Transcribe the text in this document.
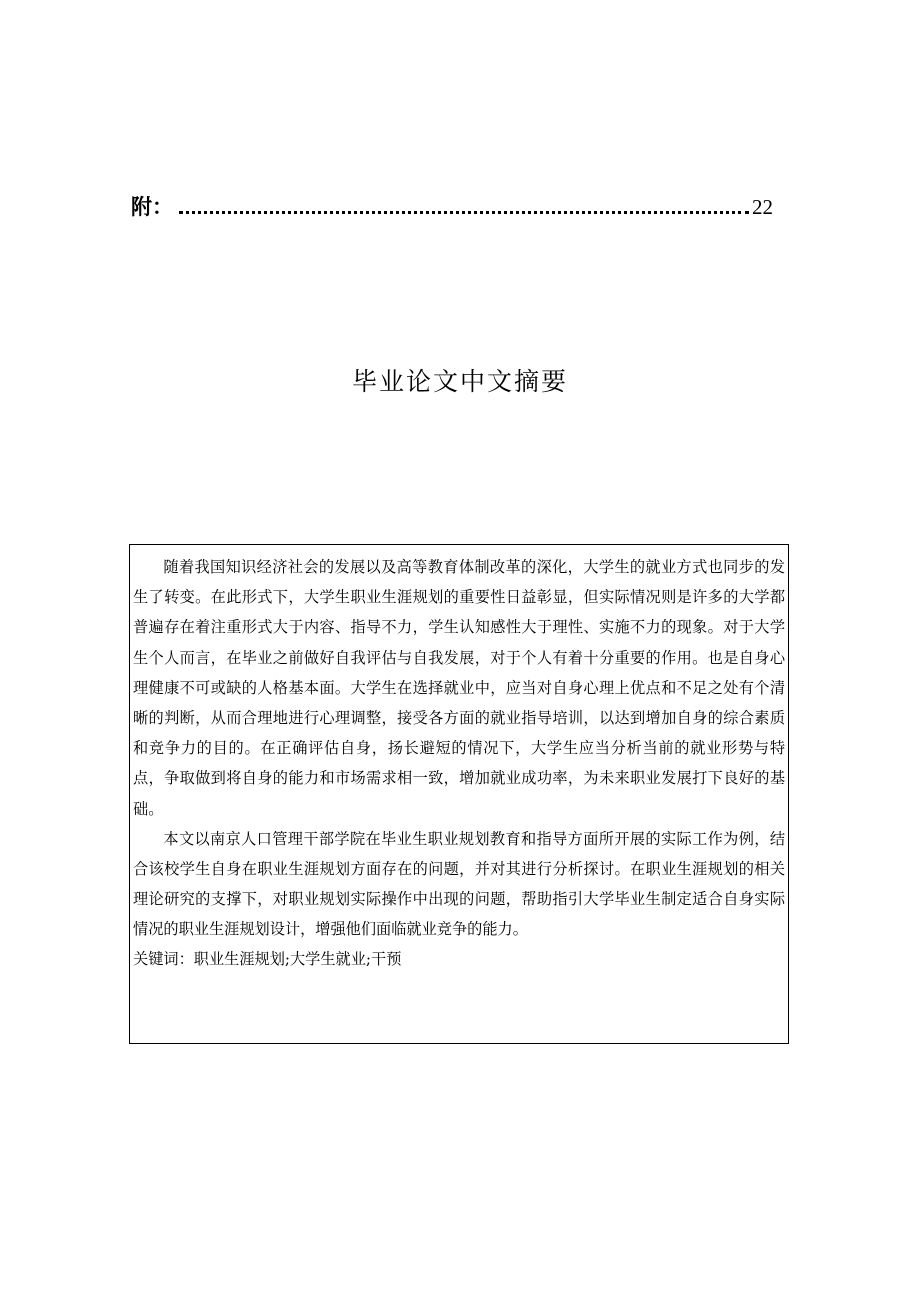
附：	22
毕业论文中文摘要

随着我国知识经济社会的发展以及高等教育体制改革的深化，大学生的就业方式也同步的发生了转变。在此形式下，大学生职业生涯规划的重要性日益彰显，但实际情况则是许多的大学都普遍存在着注重形式大于内容、指导不力，学生认知感性大于理性、实施不力的现象。对于大学生个人而言，在毕业之前做好自我评估与自我发展，对于个人有着十分重要的作用。也是自身心理健康不可或缺的人格基本面。大学生在选择就业中，应当对自身心理上优点和不足之处有个清晰的判断，从而合理地进行心理调整，接受各方面的就业指导培训，以达到增加自身的综合素质和竞争力的目的。在正确评估自身，扬长避短的情况下，大学生应当分析当前的就业形势与特点，争取做到将自身的能力和市场需求相一致，增加就业成功率，为未来职业发展打下良好的基础。

本文以南京人口管理干部学院在毕业生职业规划教育和指导方面所开展的实际工作为例，结合该校学生自身在职业生涯规划方面存在的问题，并对其进行分析探讨。在职业生涯规划的相关理论研究的支撑下，对职业规划实际操作中出现的问题，帮助指引大学毕业生制定适合自身实际情况的职业生涯规划设计，增强他们面临就业竞争的能力。

关键词：职业生涯规划;大学生就业;干预
